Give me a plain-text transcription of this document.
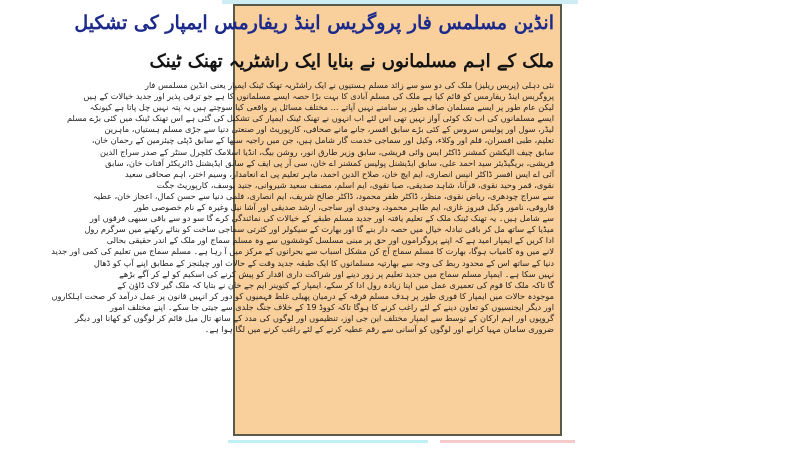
انڈین مسلمس فار پروگریس اینڈ ریفارمس ایمپار کی تشکیل
ملک کے اہم مسلمانوں نے بنایا ایک راشٹریہ تھنک ٹینک
نئی دہلی (پریس ریلیز) ملک کی دو سو سے زائد مسلم ہستیوں نے ایک راشٹریہ تھنک ٹینک ایمپار یعنی انڈین مسلمس فار
پروگریس اینڈ ریفارمس کو قائم کیا ہے ملک کی مسلم آبادی کا بہت بڑا حصہ ایسے مسلمانوں کا ہے جو ترقی پذیر اور جدید خیالات کے ہیں
لیکن عام طور پر ایسے مسلمان صاف طور پر سامنے نہیں آپاتے ... مختلف مسائل پر واقعی کیا سوچتے ہیں یہ پتہ نہیں چل پاتا ہے کیونکہ
ایسے مسلمانوں کی اب تک کوئی آواز نہیں تھی اس لئے اب انہوں نے تھنک ٹینک ایمپار کی تشکیل کی گئی ہے اس تھنک ٹینک میں کئی بڑے مسلم
لیڈر، سول اور پولیس سروس کے کئی بڑے سابق افسر، جانے مانے صحافی، کارپوریٹ اور صنعتی دنیا سے جڑی مسلم ہستیاں، ماہرین
تعلیم، طبی افسران، قلم اور وکلاء، وکیل اور سماجی خدمت گار شامل ہیں، جن میں راجیہ سبھا کے سابق ڈپٹی چیئرمین کے رحمان خان،
سابق چیف الیکشن کمشنر ڈاکٹر ایس وائی قریشی، سابق وزیر طارق انور، روشن بیگ، انڈیا اسلامک کلچرل سنٹر کے صدر سراج الدین
قریشی، بریگیڈیئر سید احمد علی، سابق ایڈیشنل پولیس کمشنر اے خان، سی آر پی ایف کے سابق ایڈیشنل ڈائریکٹر آفتاب خان، سابق
آئی اے ایس افسر ڈاکٹر انیس انصاری، ایم ایچ خان، صلاح الدین احمد، ماہر تعلیم پی اے انعامدار، وسیم اختر، اہم صحافی سعید
نقوی، قمر وحید نقوی، قرآنا، شاہد صدیقی، صبا نقوی، ایم اسلم، مصنف سعید شیروانی، جنید یوسف، کارپوریٹ جگت
سے سراج چودھری، ریاض نقوی، منظر، ڈاکٹر ظفر محمود، ڈاکٹر صالح شریف، ایم انصاری، فلمی دنیا سے حسن کمال، اعجاز خان، عطیہ
فاروقی، نامور وکیل فیروز غازی، ایم طاہر محمود، وحیدی اور ساجی، ارشد صدیقی اور آشا نیل وغیرہ کے نام خصوصی طور
سے شامل ہیں۔ یہ تھنک ٹینک ملک کے تعلیم یافتہ اور جدید مسلم طبقے کے خیالات کی نمائندگی کرے گا سو دو سے باقی سبھی فرقوں اور
میڈیا کے ساتھ مل کر باقی تبادلہ خیال میں حصہ دار بنے گا اور بھارت کے سیکولر اور کثرتی سماجی ساخت کو بنائے رکھنے میں سرگرم رول
ادا کریں کے ایمپار امید ہے کہ اپنے پروگراموں اور حق پر مبنی مسلسل کوششوں سے وہ مسلم سماج اور ملک کے اندر حقیقی بحالی
لانے میں وہ کامیاب ہوگا، بھارت کا مسلم سماج آج کن مشکل اسباب سے بحرانوں کے مرکز میں آ رہا ہے۔ مسلم سماج میں تعلیم کی کمی اور جدید
دنیا کے ساتھ اس کے محدود ربط کی وجہ سے بھارتیہ مسلمانوں کا ایک طبقہ جدید وقت کے حالات اور چیلنجز کے مطابق اپنے آپ کو ڈھال
نہیں سکا ہے۔ ایمپار مسلم سماج میں جدید تعلیم پر زور دینے اور شراکت داری اقدار کو پیش کرنے کی اسکیم کو لے کر آگے بڑھے
گا تاکہ ملک کا قوم کی تعمیری عمل میں اپنا زیادہ رول ادا کر سکے، ایمپار کے کنوینر ایم جے خان نے بتایا کہ ملک گیر لاک ڈاؤن کے
موجودہ حالات میں ایمپار کا فوری طور پر ہدف مسلم فرقہ کے درمیان پھیلی غلط فہمیوں کو دور کر انہیں قانون پر عمل درآمد کر صحت اہلکاروں
اور دیگر ایجنسیوں کو تعاون دینے کے لئے راغب کرنے کا ہوگا تاکہ کووڈ 19 کے خلاف جنگ جلدی سے جیتی جا سکے۔ اپنے مختلف امور
گروپوں اور اہم ارکان کے توسط سے ایمپار مختلف این جی اوز، تنظیموں اور لوگوں کی مدد کے ساتھ تال میل قائم کر لوگوں کو کھانا اور دیگر
ضروری سامان مہیا کرانے اور لوگوں کو آسانی سے رقم عطیہ کرنے کے لئے راغب کرنے میں لگا ہوا ہے۔
